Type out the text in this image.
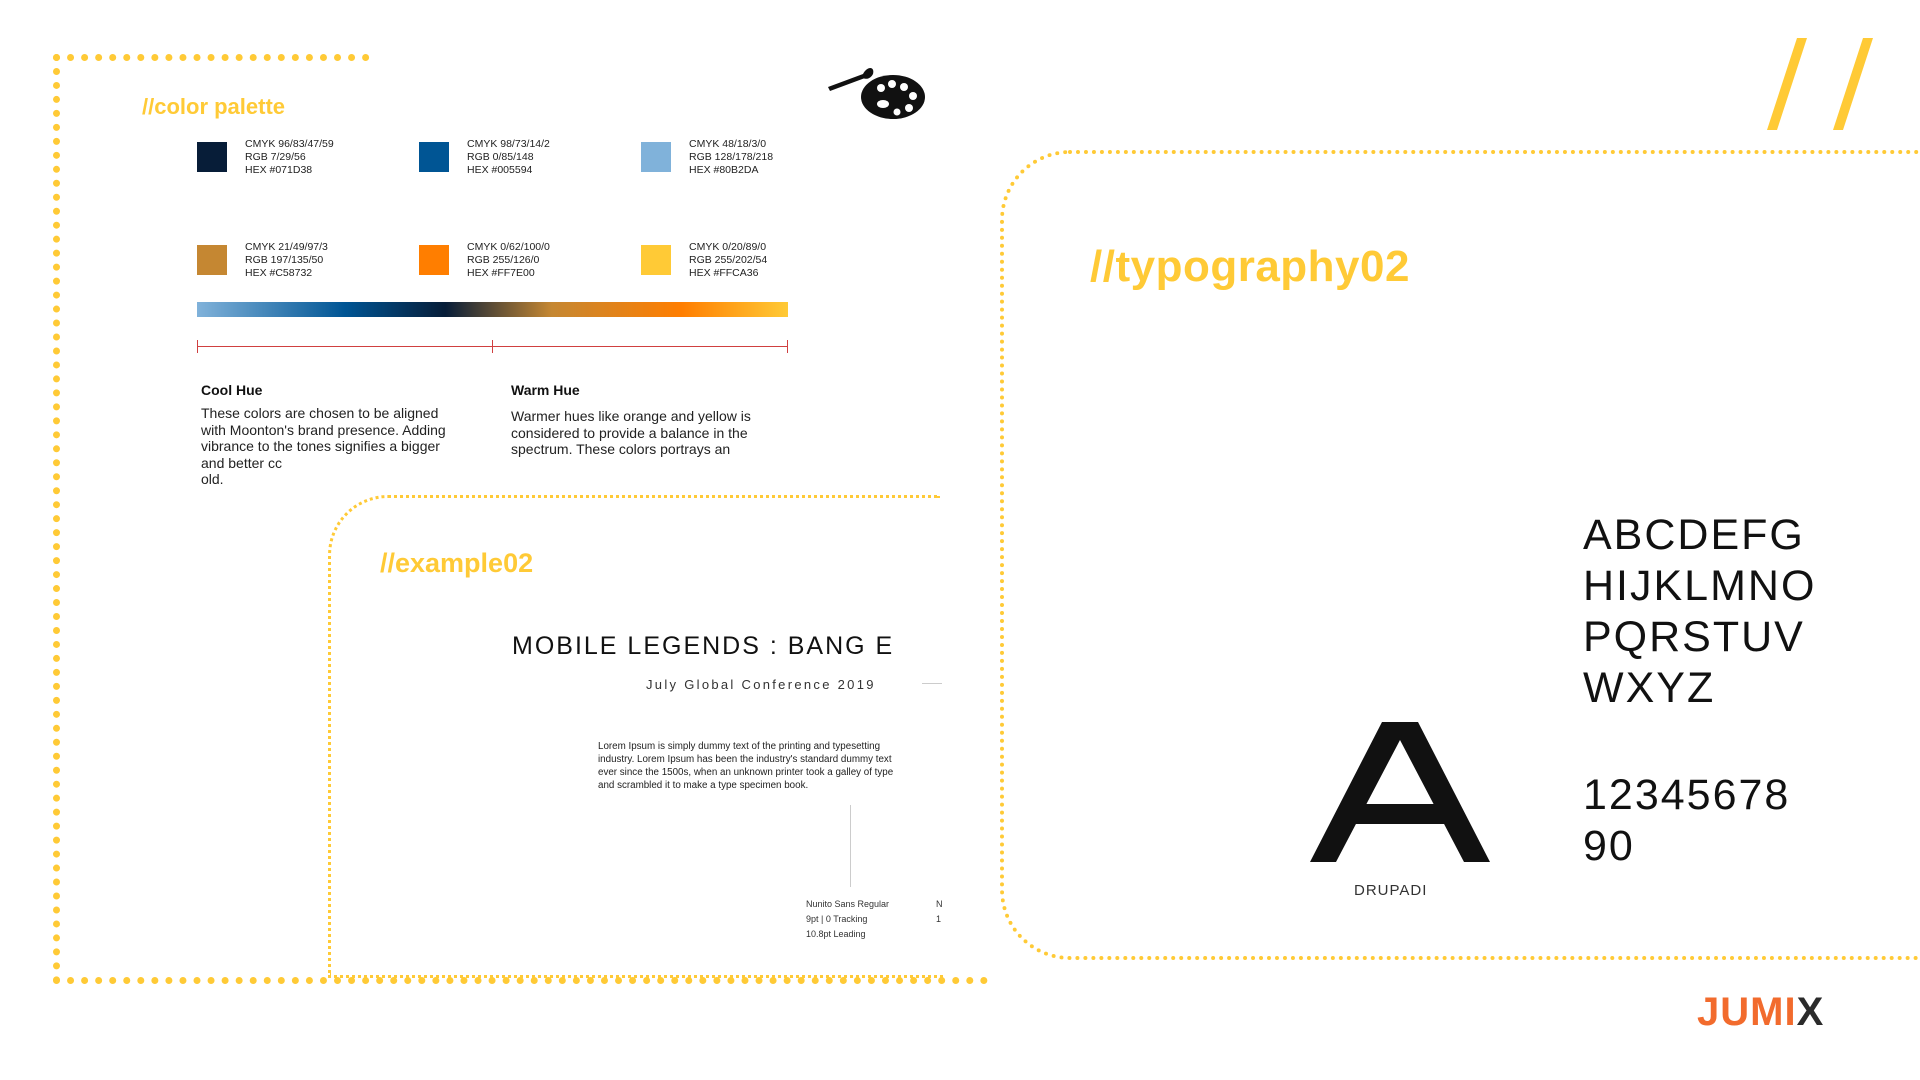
//color palette
CMYK 96/83/47/59
RGB 7/29/56
HEX #071D38
CMYK 98/73/14/2
RGB 0/85/148
HEX #005594
CMYK 48/18/3/0
RGB 128/178/218
HEX #80B2DA
CMYK 21/49/97/3
RGB 197/135/50
HEX #C58732
CMYK 0/62/100/0
RGB 255/126/0
HEX #FF7E00
CMYK 0/20/89/0
RGB 255/202/54
HEX #FFCA36
Cool Hue
These colors are chosen to be aligned
with Moonton's brand presence. Adding
vibrance to the tones signifies a bigger
and better cc
old.
Warm Hue
Warmer hues like orange and yellow is
considered to provide a balance in the
spectrum. These colors portrays an
//typography02
DRUPADI
ABCDEFG
HIJKLMNO
PQRSTUV
WXYZ
12345678
90
//example02
MOBILE LEGENDS : BANG E
July Global Conference 2019
Lorem Ipsum is simply dummy text of the printing and typesetting
industry. Lorem Ipsum has been the industry's standard dummy text
ever since the 1500s, when an unknown printer took a galley of type
and scrambled it to make a type specimen book.
Nunito Sans Regular
9pt | 0 Tracking
10.8pt Leading
N
1
JUMIX
